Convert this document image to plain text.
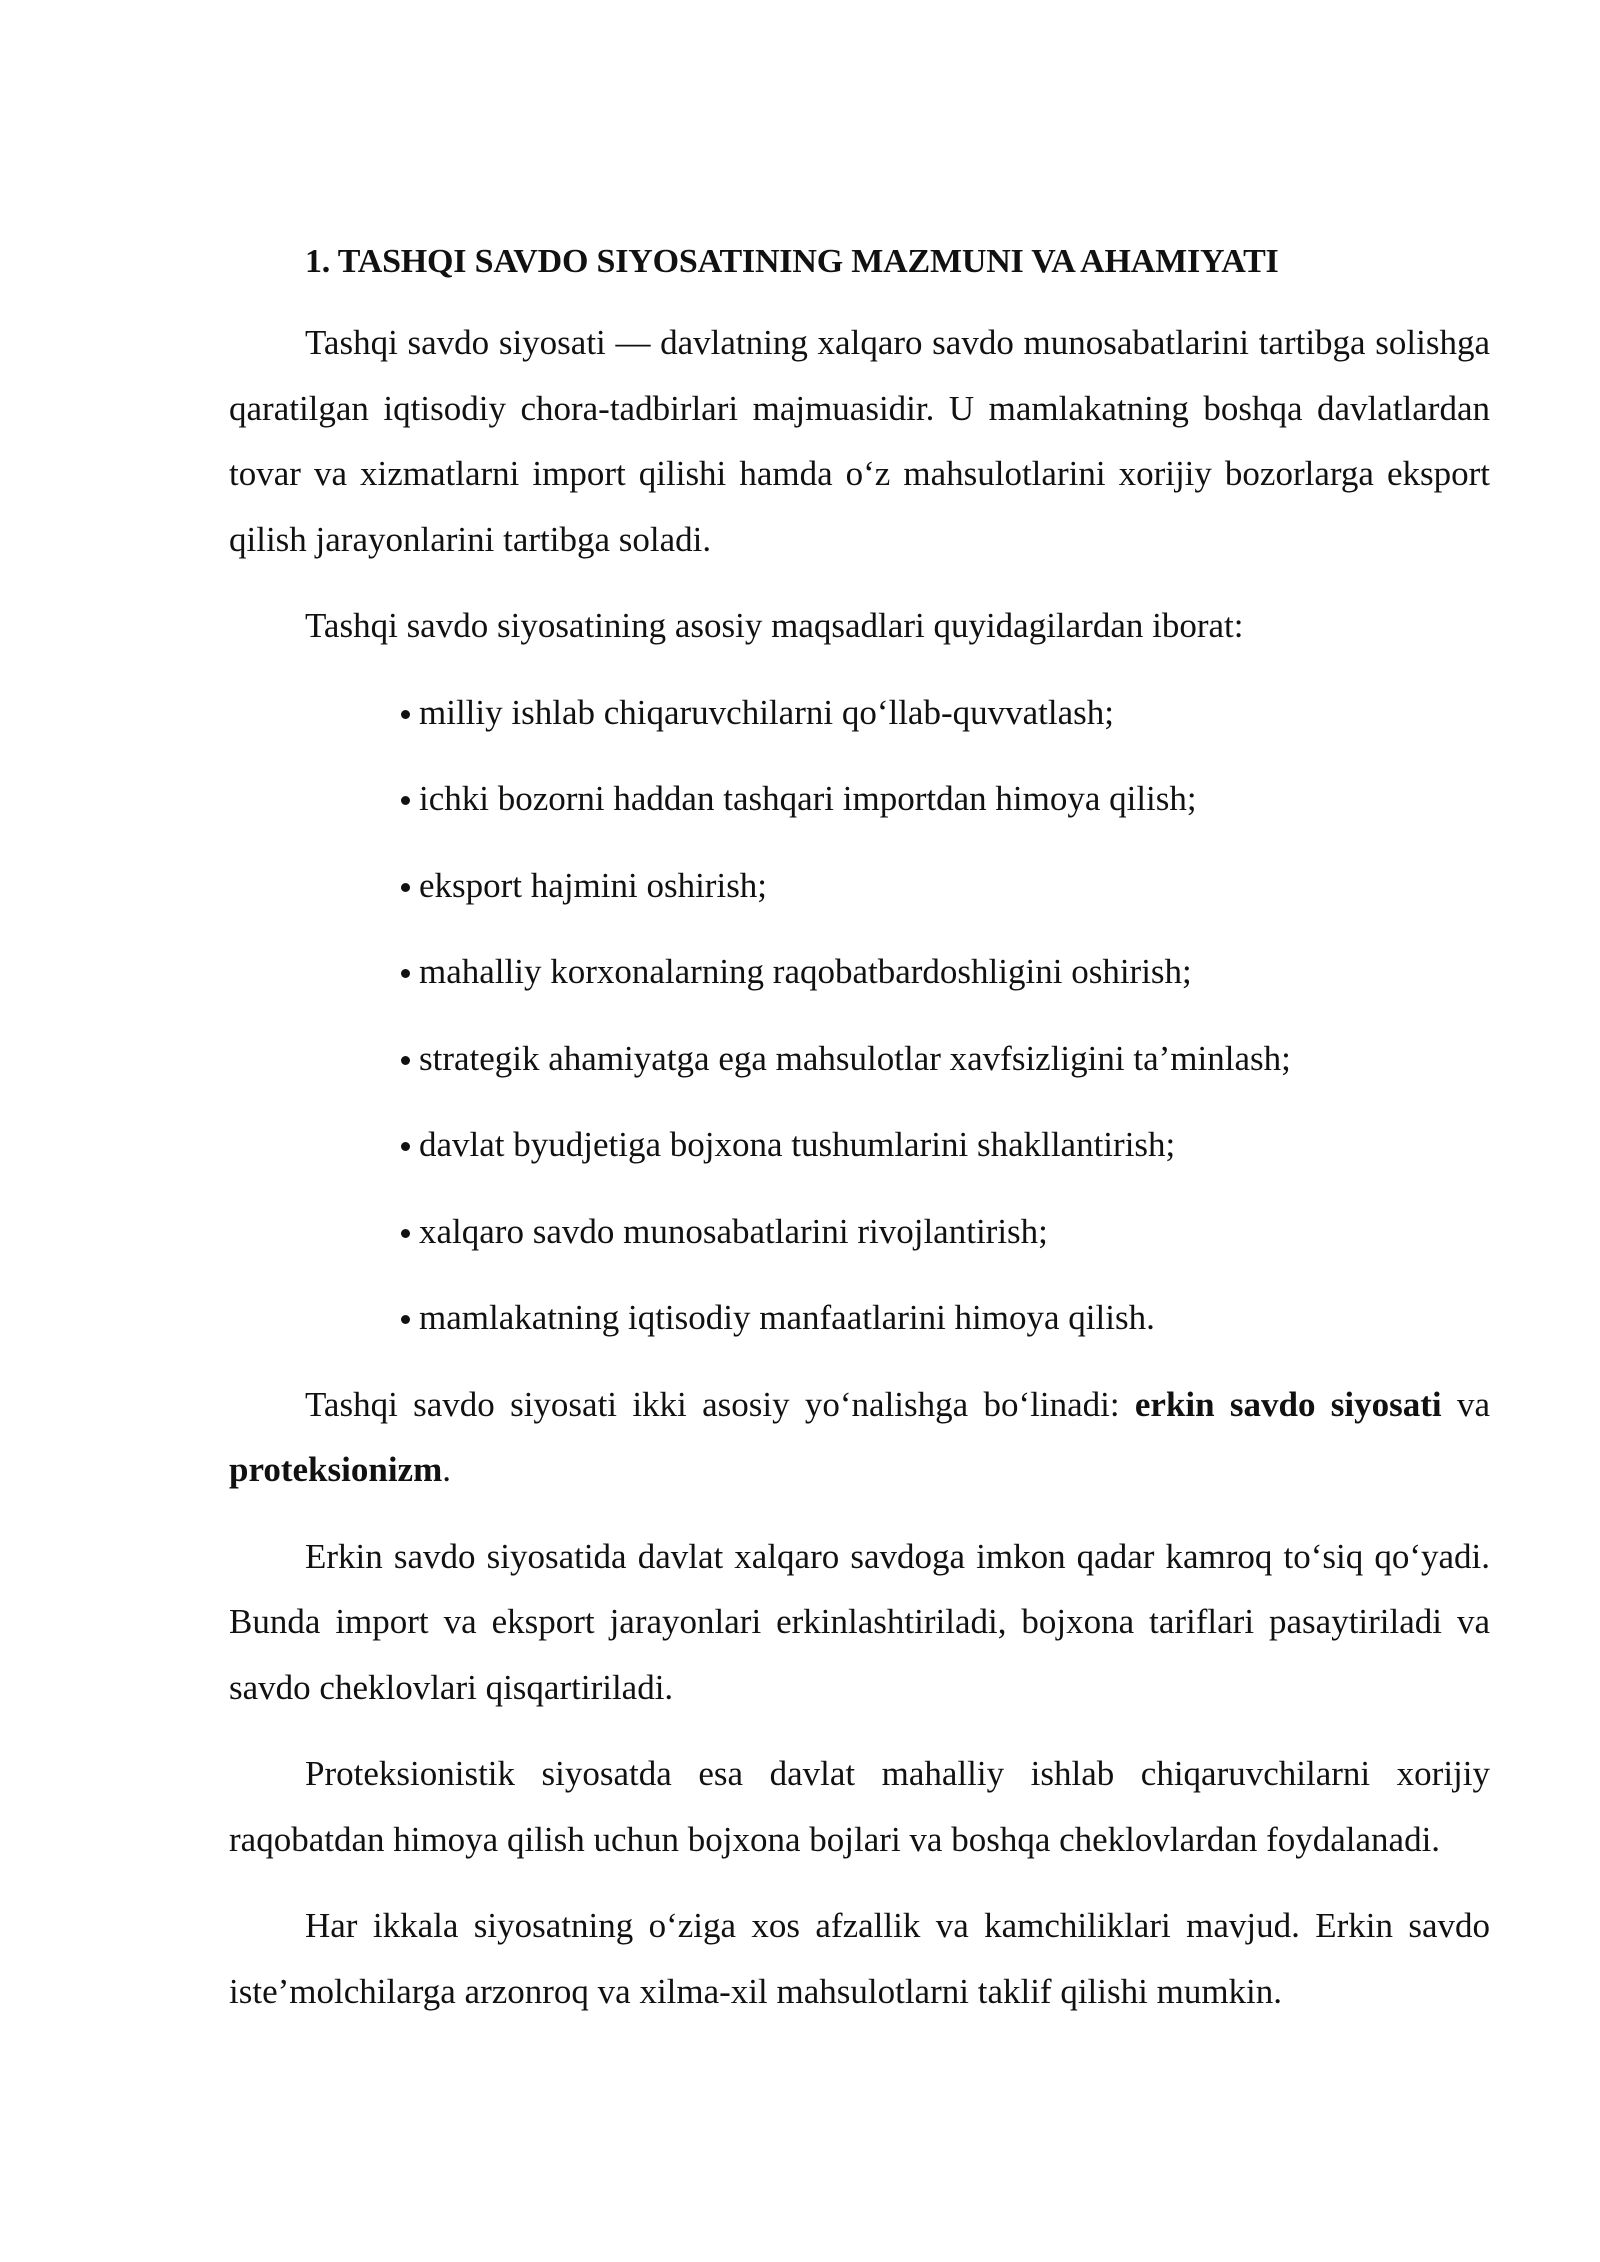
1. TASHQI SAVDO SIYOSATINING MAZMUNI VA AHAMIYATI

Tashqi savdo siyosati — davlatning xalqaro savdo munosabatlarini tartibga solishga qaratilgan iqtisodiy chora-tadbirlari majmuasidir. U mamlakatning boshqa davlatlardan tovar va xizmatlarni import qilishi hamda oʻz mahsulotlarini xorijiy bozorlarga eksport qilish jarayonlarini tartibga soladi.

Tashqi savdo siyosatining asosiy maqsadlari quyidagilardan iborat:

milliy ishlab chiqaruvchilarni qoʻllab-quvvatlash;
ichki bozorni haddan tashqari importdan himoya qilish;
eksport hajmini oshirish;
mahalliy korxonalarning raqobatbardoshligini oshirish;
strategik ahamiyatga ega mahsulotlar xavfsizligini ta’minlash;
davlat byudjetiga bojxona tushumlarini shakllantirish;
xalqaro savdo munosabatlarini rivojlantirish;
mamlakatning iqtisodiy manfaatlarini himoya qilish.

Tashqi savdo siyosati ikki asosiy yoʻnalishga boʻlinadi: erkin savdo siyosati va proteksionizm.

Erkin savdo siyosatida davlat xalqaro savdoga imkon qadar kamroq toʻsiq qoʻyadi. Bunda import va eksport jarayonlari erkinlashtiriladi, bojxona tariflari pasaytiriladi va savdo cheklovlari qisqartiriladi.

Proteksionistik siyosatda esa davlat mahalliy ishlab chiqaruvchilarni xorijiy raqobatdan himoya qilish uchun bojxona bojlari va boshqa cheklovlardan foydalanadi.

Har ikkala siyosatning oʻziga xos afzallik va kamchiliklari mavjud. Erkin savdo iste’molchilarga arzonroq va xilma-xil mahsulotlarni taklif qilishi mumkin.
